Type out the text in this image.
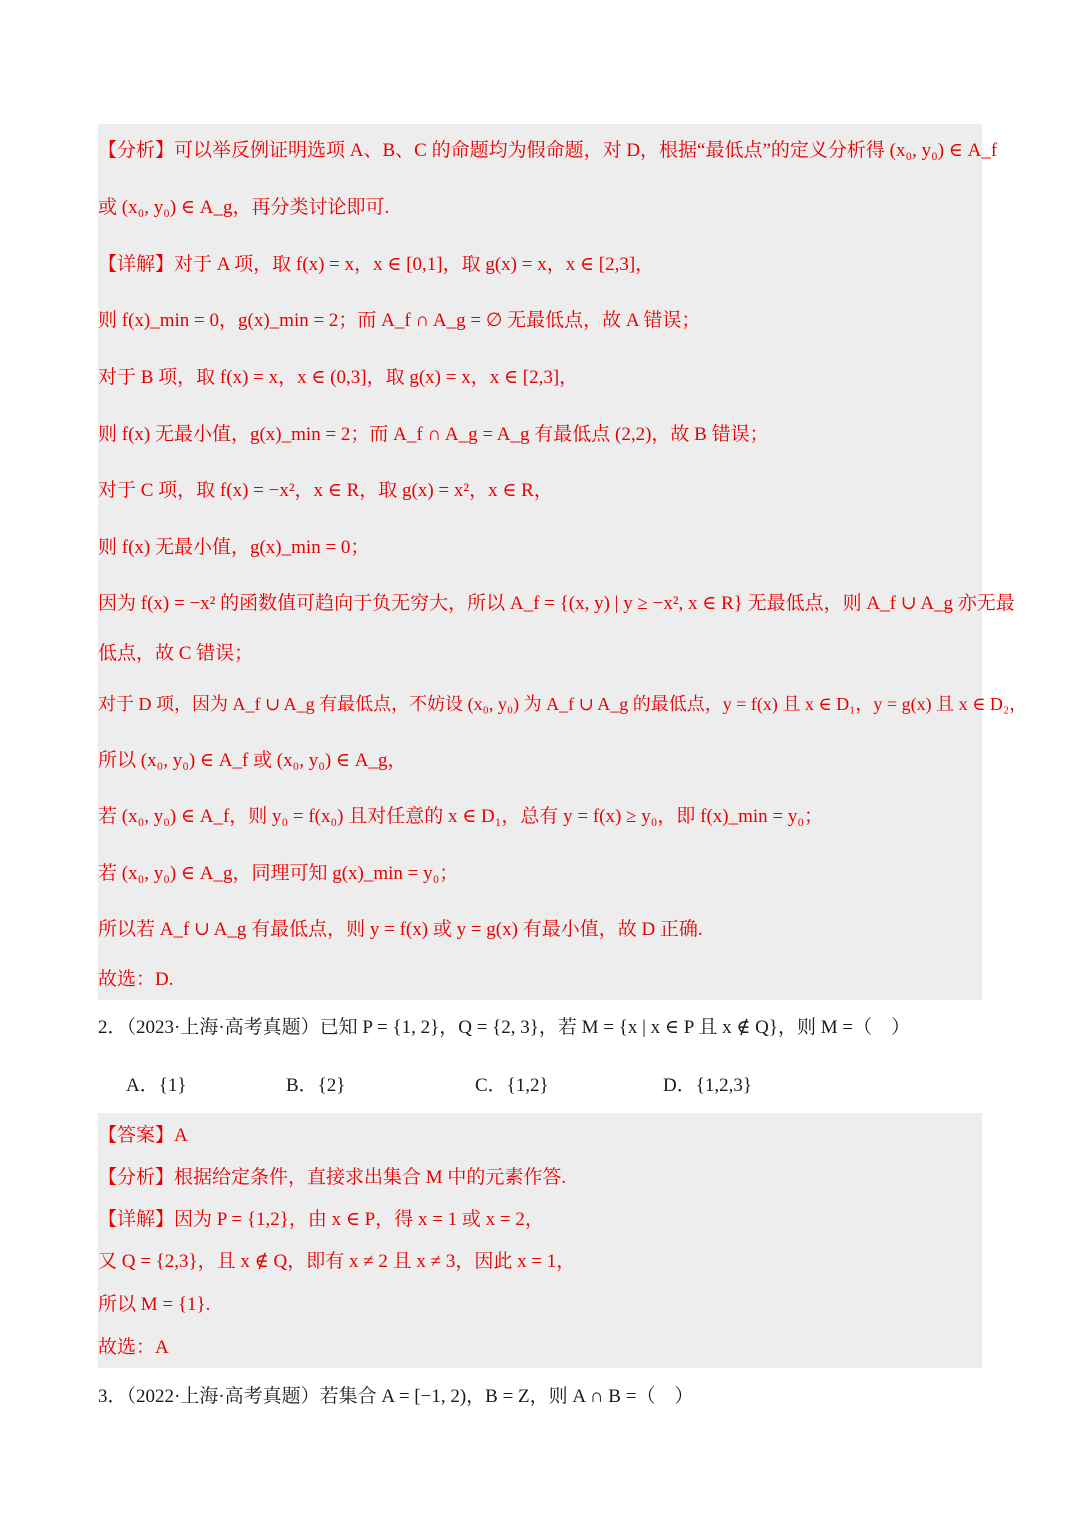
【分析】可以举反例证明选项 A、B、C 的命题均为假命题，对 D，根据“最低点”的定义分析得 (x₀, y₀) ∈ A_f
或 (x₀, y₀) ∈ A_g，再分类讨论即可.
【详解】对于 A 项，取 f(x) = x，x ∈ [0,1]，取 g(x) = x，x ∈ [2,3]，
则 f(x)_min = 0，g(x)_min = 2；而 A_f ∩ A_g = ∅ 无最低点，故 A 错误；
对于 B 项，取 f(x) = x，x ∈ (0,3]，取 g(x) = x，x ∈ [2,3]，
则 f(x) 无最小值，g(x)_min = 2；而 A_f ∩ A_g = A_g 有最低点 (2,2)，故 B 错误；
对于 C 项，取 f(x) = −x²，x ∈ R，取 g(x) = x²，x ∈ R，
则 f(x) 无最小值，g(x)_min = 0；
因为 f(x) = −x² 的函数值可趋向于负无穷大，所以 A_f = {(x, y) | y ≥ −x², x ∈ R} 无最低点，则 A_f ∪ A_g 亦无最
低点，故 C 错误；
对于 D 项，因为 A_f ∪ A_g 有最低点，不妨设 (x₀, y₀) 为 A_f ∪ A_g 的最低点，y = f(x) 且 x ∈ D₁，y = g(x) 且 x ∈ D₂，
所以 (x₀, y₀) ∈ A_f 或 (x₀, y₀) ∈ A_g，
若 (x₀, y₀) ∈ A_f，则 y₀ = f(x₀) 且对任意的 x ∈ D₁，总有 y = f(x) ≥ y₀，即 f(x)_min = y₀；
若 (x₀, y₀) ∈ A_g，同理可知 g(x)_min = y₀；
所以若 A_f ∪ A_g 有最低点，则 y = f(x) 或 y = g(x) 有最小值，故 D 正确.
故选：D.
2．（2023·上海·高考真题）已知 P = {1, 2}，Q = {2, 3}，若 M = {x | x ∈ P 且 x ∉ Q}，则 M =（　）
A．{1}	B．{2}	C．{1,2}	D．{1,2,3}
【答案】A
【分析】根据给定条件，直接求出集合 M 中的元素作答.
【详解】因为 P = {1,2}，由 x ∈ P，得 x = 1 或 x = 2，
又 Q = {2,3}，且 x ∉ Q，即有 x ≠ 2 且 x ≠ 3，因此 x = 1，
所以 M = {1}.
故选：A
3．（2022·上海·高考真题）若集合 A = [−1, 2)，B = Z，则 A ∩ B =（　）
